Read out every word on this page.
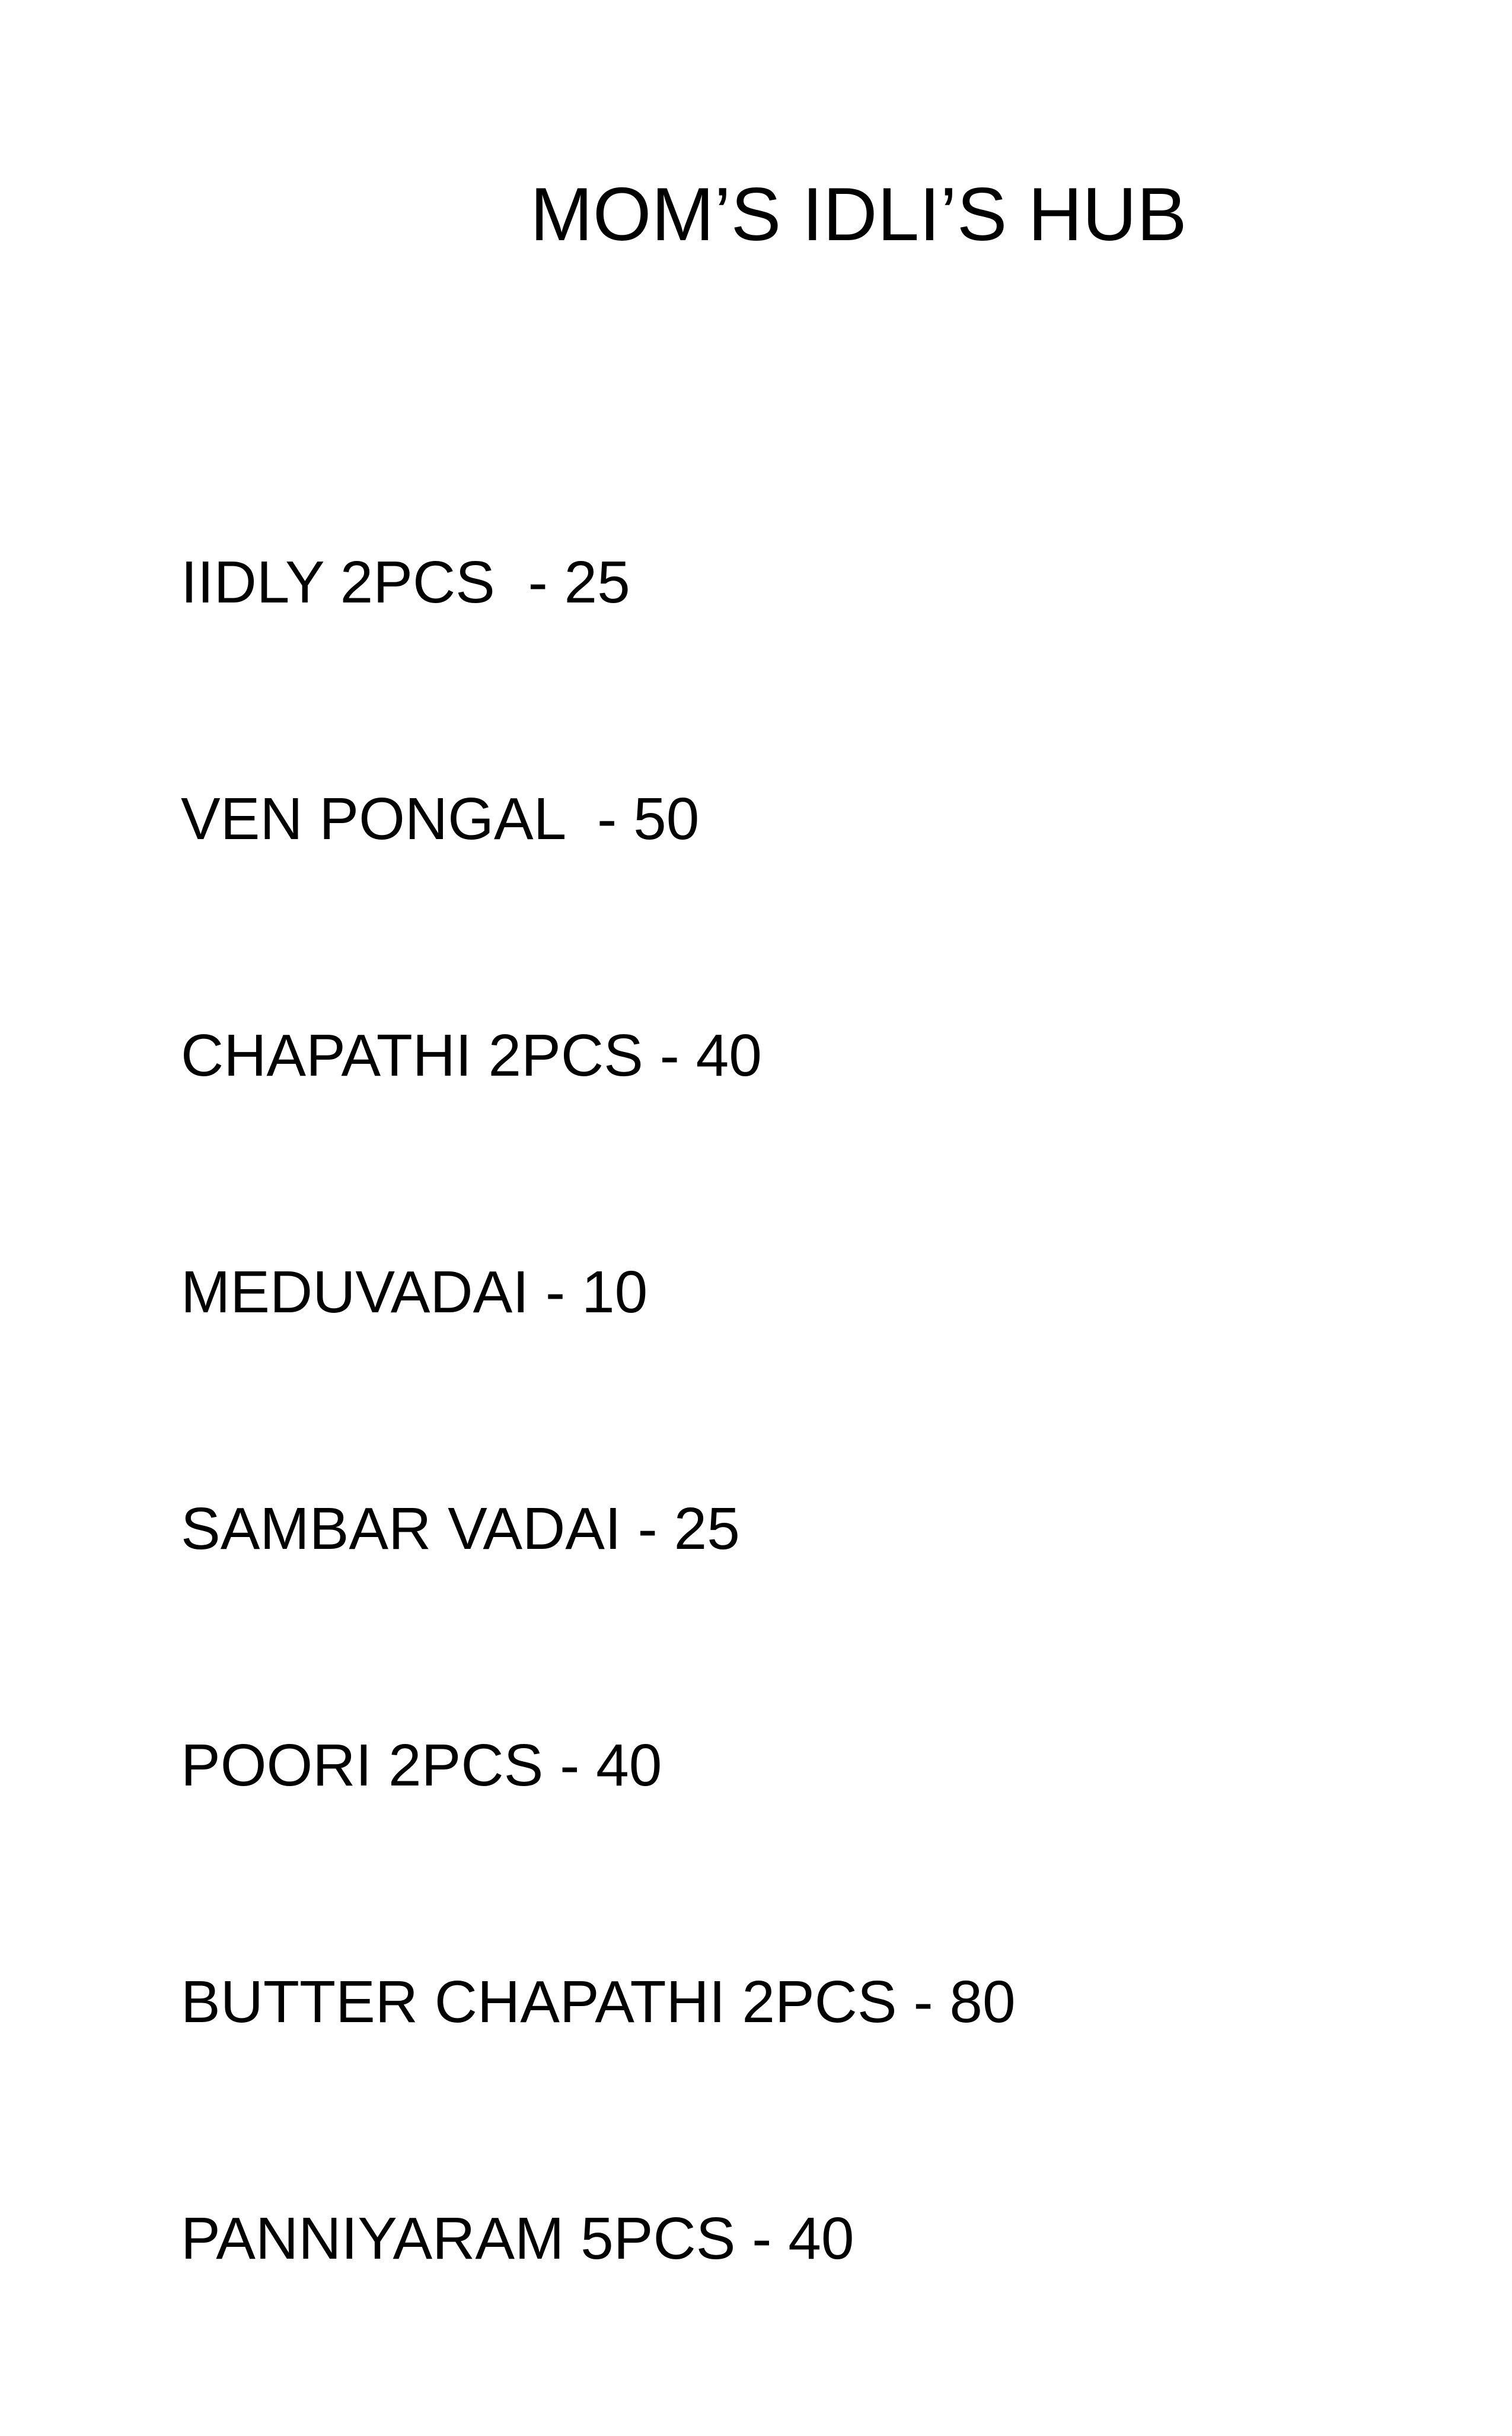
MOM’S IDLI’S HUB

IIDLY 2PCS  - 25

VEN PONGAL  - 50

CHAPATHI 2PCS - 40

MEDUVADAI - 10

SAMBAR VADAI - 25

POORI 2PCS - 40

BUTTER CHAPATHI 2PCS - 80

PANNIYARAM 5PCS - 40
